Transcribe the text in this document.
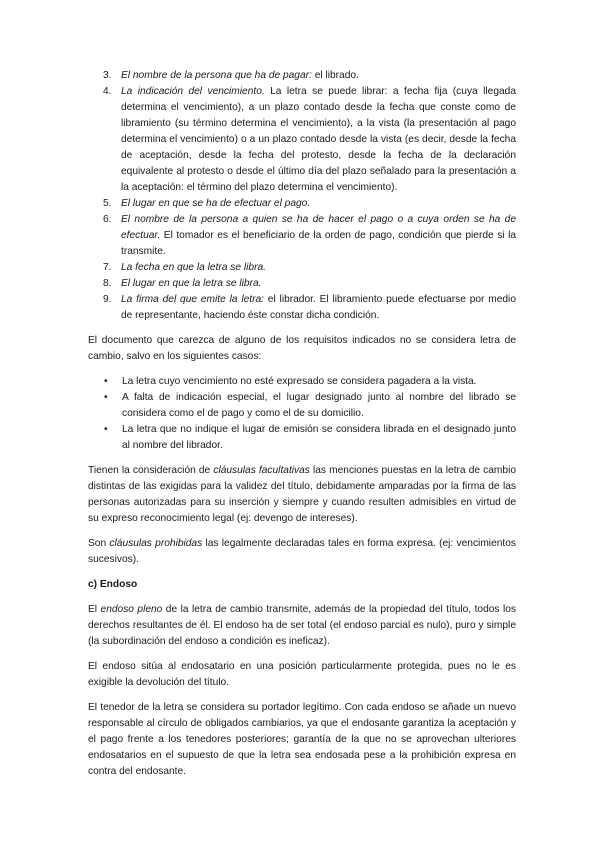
3. El nombre de la persona que ha de pagar: el librado.
4. La indicación del vencimiento. La letra se puede librar: a fecha fija (cuya llegada determina el vencimiento), a un plazo contado desde la fecha que conste como de libramiento (su término determina el vencimiento), a la vista (la presentación al pago determina el vencimiento) o a un plazo contado desde la vista (es decir, desde la fecha de aceptación, desde la fecha del protesto, desde la fecha de la declaración equivalente al protesto o desde el último día del plazo señalado para la presentación a la aceptación: el término del plazo determina el vencimiento).
5. El lugar en que se ha de efectuar el pago.
6. El nombre de la persona a quien se ha de hacer el pago o a cuya orden se ha de efectuar. El tomador es el beneficiario de la orden de pago, condición que pierde si la transmite.
7. La fecha en que la letra se libra.
8. El lugar en que la letra se libra.
9. La firma del que emite la letra: el librador. El libramiento puede efectuarse por medio de representante, haciendo éste constar dicha condición.

El documento que carezca de alguno de los requisitos indicados no se considera letra de cambio, salvo en los siguientes casos:

• La letra cuyo vencimiento no esté expresado se considera pagadera a la vista.
• A falta de indicación especial, el lugar designado junto al nombre del librado se considera como el de pago y como el de su domicilio.
• La letra que no indique el lugar de emisión se considera librada en el designado junto al nombre del librador.

Tienen la consideración de cláusulas facultativas las menciones puestas en la letra de cambio distintas de las exigidas para la validez del título, debidamente amparadas por la firma de las personas autorizadas para su inserción y siempre y cuando resulten admisibles en virtud de su expreso reconocimiento legal (ej: devengo de intereses).

Son cláusulas prohibidas las legalmente declaradas tales en forma expresa. (ej: vencimientos sucesivos).

c) Endoso

El endoso pleno de la letra de cambio transmite, además de la propiedad del título, todos los derechos resultantes de él. El endoso ha de ser total (el endoso parcial es nulo), puro y simple (la subordinación del endoso a condición es ineficaz).

El endoso sitúa al endosatario en una posición particularmente protegida, pues no le es exigible la devolución del título.

El tenedor de la letra se considera su portador legítimo. Con cada endoso se añade un nuevo responsable al círculo de obligados cambiarios, ya que el endosante garantiza la aceptación y el pago frente a los tenedores posteriores; garantía de la que no se aprovechan ulteriores endosatarios en el supuesto de que la letra sea endosada pese a la prohibición expresa en contra del endosante.
